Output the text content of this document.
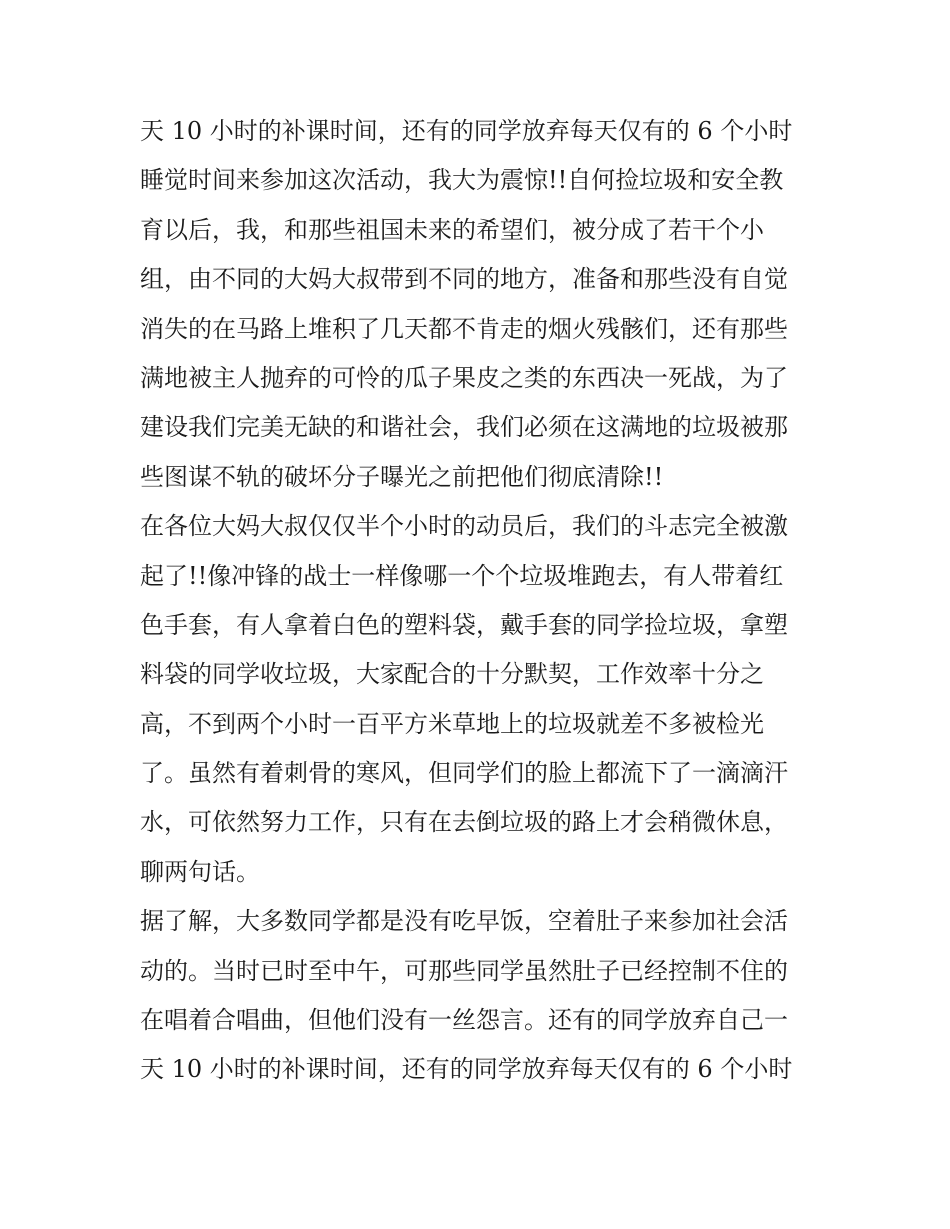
天 10 小时的补课时间，还有的同学放弃每天仅有的 6 个小时
睡觉时间来参加这次活动，我大为震惊!!自何捡垃圾和安全教
育以后，我，和那些祖国未来的希望们，被分成了若干个小
组，由不同的大妈大叔带到不同的地方，准备和那些没有自觉
消失的在马路上堆积了几天都不肯走的烟火残骸们，还有那些
满地被主人抛弃的可怜的瓜子果皮之类的东西决一死战，为了
建设我们完美无缺的和谐社会，我们必须在这满地的垃圾被那
些图谋不轨的破坏分子曝光之前把他们彻底清除!!
在各位大妈大叔仅仅半个小时的动员后，我们的斗志完全被激
起了!!像冲锋的战士一样像哪一个个垃圾堆跑去，有人带着红
色手套，有人拿着白色的塑料袋，戴手套的同学捡垃圾，拿塑
料袋的同学收垃圾，大家配合的十分默契，工作效率十分之
高，不到两个小时一百平方米草地上的垃圾就差不多被检光
了。虽然有着刺骨的寒风，但同学们的脸上都流下了一滴滴汗
水，可依然努力工作，只有在去倒垃圾的路上才会稍微休息，
聊两句话。
据了解，大多数同学都是没有吃早饭，空着肚子来参加社会活
动的。当时已时至中午，可那些同学虽然肚子已经控制不住的
在唱着合唱曲，但他们没有一丝怨言。还有的同学放弃自己一
天 10 小时的补课时间，还有的同学放弃每天仅有的 6 个小时
